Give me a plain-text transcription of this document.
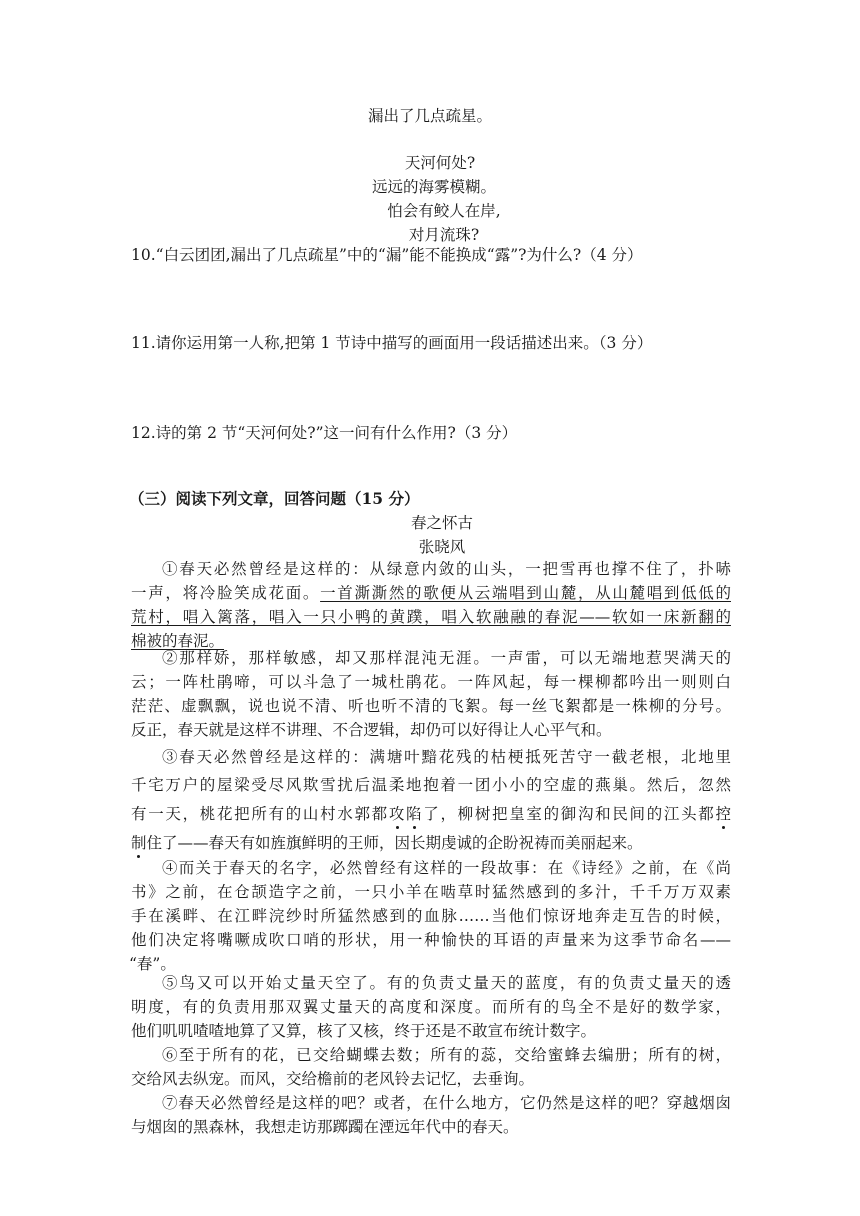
漏出了几点疏星。
天河何处?
远远的海雾模糊。
怕会有鲛人在岸,
对月流珠?
10.“白云团团,漏出了几点疏星”中的“漏”能不能换成“露”?为什么?（4 分）
11.请你运用第一人称,把第 1 节诗中描写的画面用一段话描述出来。（3 分）
12.诗的第 2 节“天河何处?”这一问有什么作用?（3 分）
（三）阅读下列文章，回答问题（15 分）
春之怀古
张晓风
①春天必然曾经是这样的：从绿意内敛的山头，一把雪再也撑不住了，扑哧
一声，将冷脸笑成花面。一首澌澌然的歌便从云端唱到山麓，从山麓唱到低低的
荒村，唱入篱落，唱入一只小鸭的黄蹼，唱入软融融的春泥——软如一床新翻的
棉被的春泥。
②那样娇，那样敏感，却又那样混沌无涯。一声雷，可以无端地惹哭满天的
云；一阵杜鹃啼，可以斗急了一城杜鹃花。一阵风起，每一棵柳都吟出一则则白
茫茫、虚飘飘，说也说不清、听也听不清的飞絮。每一丝飞絮都是一株柳的分号。
反正，春天就是这样不讲理、不合逻辑，却仍可以好得让人心平气和。
③春天必然曾经是这样的：满塘叶黯花残的枯梗抵死苦守一截老根，北地里
千宅万户的屋梁受尽风欺雪扰后温柔地抱着一团小小的空虚的燕巢。然后，忽然
有一天，桃花把所有的山村水郭都攻陷了，柳树把皇室的御沟和民间的江头都控
制住了——春天有如旌旗鲜明的王师，因长期虔诚的企盼祝祷而美丽起来。
④而关于春天的名字，必然曾经有这样的一段故事：在《诗经》之前，在《尚
书》之前，在仓颉造字之前，一只小羊在啮草时猛然感到的多汁，千千万万双素
手在溪畔、在江畔浣纱时所猛然感到的血脉……当他们惊讶地奔走互告的时候，
他们决定将嘴噘成吹口哨的形状，用一种愉快的耳语的声量来为这季节命名——
“春”。
⑤鸟又可以开始丈量天空了。有的负责丈量天的蓝度，有的负责丈量天的透
明度，有的负责用那双翼丈量天的高度和深度。而所有的鸟全不是好的数学家，
他们叽叽喳喳地算了又算，核了又核，终于还是不敢宣布统计数字。
⑥至于所有的花，已交给蝴蝶去数；所有的蕊，交给蜜蜂去编册；所有的树，
交给风去纵宠。而风，交给檐前的老风铃去记忆，去垂询。
⑦春天必然曾经是这样的吧？或者，在什么地方，它仍然是这样的吧？穿越烟囱
与烟囱的黑森林，我想走访那踯躅在湮远年代中的春天。
